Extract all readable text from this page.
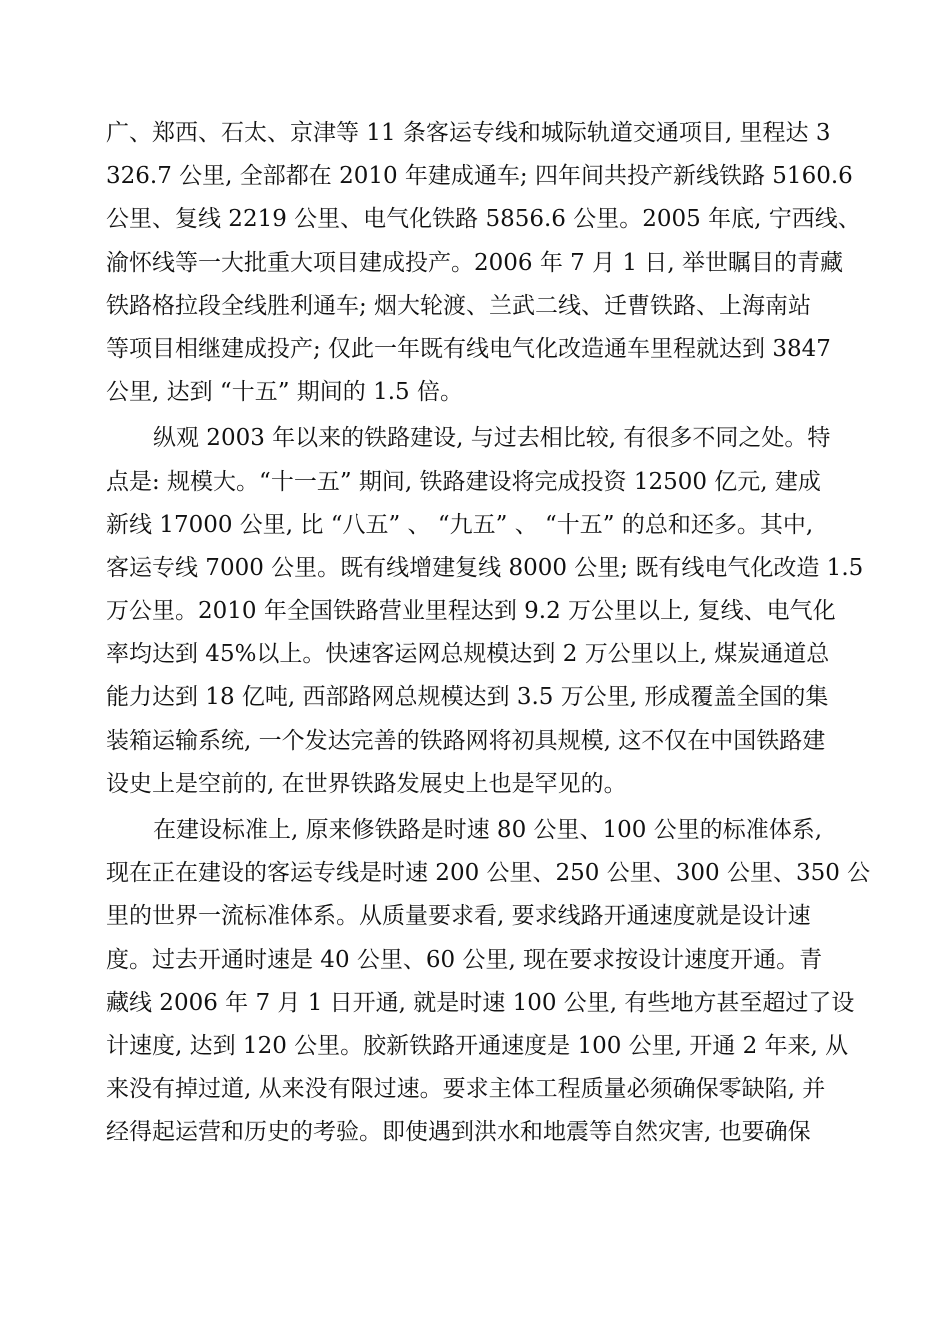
广、郑西、石太、京津等 11 条客运专线和城际轨道交通项目, 里程达 3
326.7 公里, 全部都在 2010 年建成通车; 四年间共投产新线铁路 5160.6
公里、复线 2219 公里、电气化铁路 5856.6 公里。2005 年底, 宁西线、
渝怀线等一大批重大项目建成投产。2006 年 7 月 1 日, 举世瞩目的青藏
铁路格拉段全线胜利通车; 烟大轮渡、兰武二线、迁曹铁路、上海南站
等项目相继建成投产; 仅此一年既有线电气化改造通车里程就达到 3847
公里, 达到 “十五” 期间的 1.5 倍。
纵观 2003 年以来的铁路建设, 与过去相比较, 有很多不同之处。特
点是: 规模大。“十一五” 期间, 铁路建设将完成投资 12500 亿元, 建成
新线 17000 公里, 比 “八五” 、 “九五” 、 “十五” 的总和还多。其中,
客运专线 7000 公里。既有线增建复线 8000 公里; 既有线电气化改造 1.5
万公里。2010 年全国铁路营业里程达到 9.2 万公里以上, 复线、电气化
率均达到 45%以上。快速客运网总规模达到 2 万公里以上, 煤炭通道总
能力达到 18 亿吨, 西部路网总规模达到 3.5 万公里, 形成覆盖全国的集
装箱运输系统, 一个发达完善的铁路网将初具规模, 这不仅在中国铁路建
设史上是空前的, 在世界铁路发展史上也是罕见的。
在建设标准上, 原来修铁路是时速 80 公里、100 公里的标准体系,
现在正在建设的客运专线是时速 200 公里、250 公里、300 公里、350 公
里的世界一流标准体系。从质量要求看, 要求线路开通速度就是设计速
度。过去开通时速是 40 公里、60 公里, 现在要求按设计速度开通。青
藏线 2006 年 7 月 1 日开通, 就是时速 100 公里, 有些地方甚至超过了设
计速度, 达到 120 公里。胶新铁路开通速度是 100 公里, 开通 2 年来, 从
来没有掉过道, 从来没有限过速。要求主体工程质量必须确保零缺陷, 并
经得起运营和历史的考验。即使遇到洪水和地震等自然灾害, 也要确保
